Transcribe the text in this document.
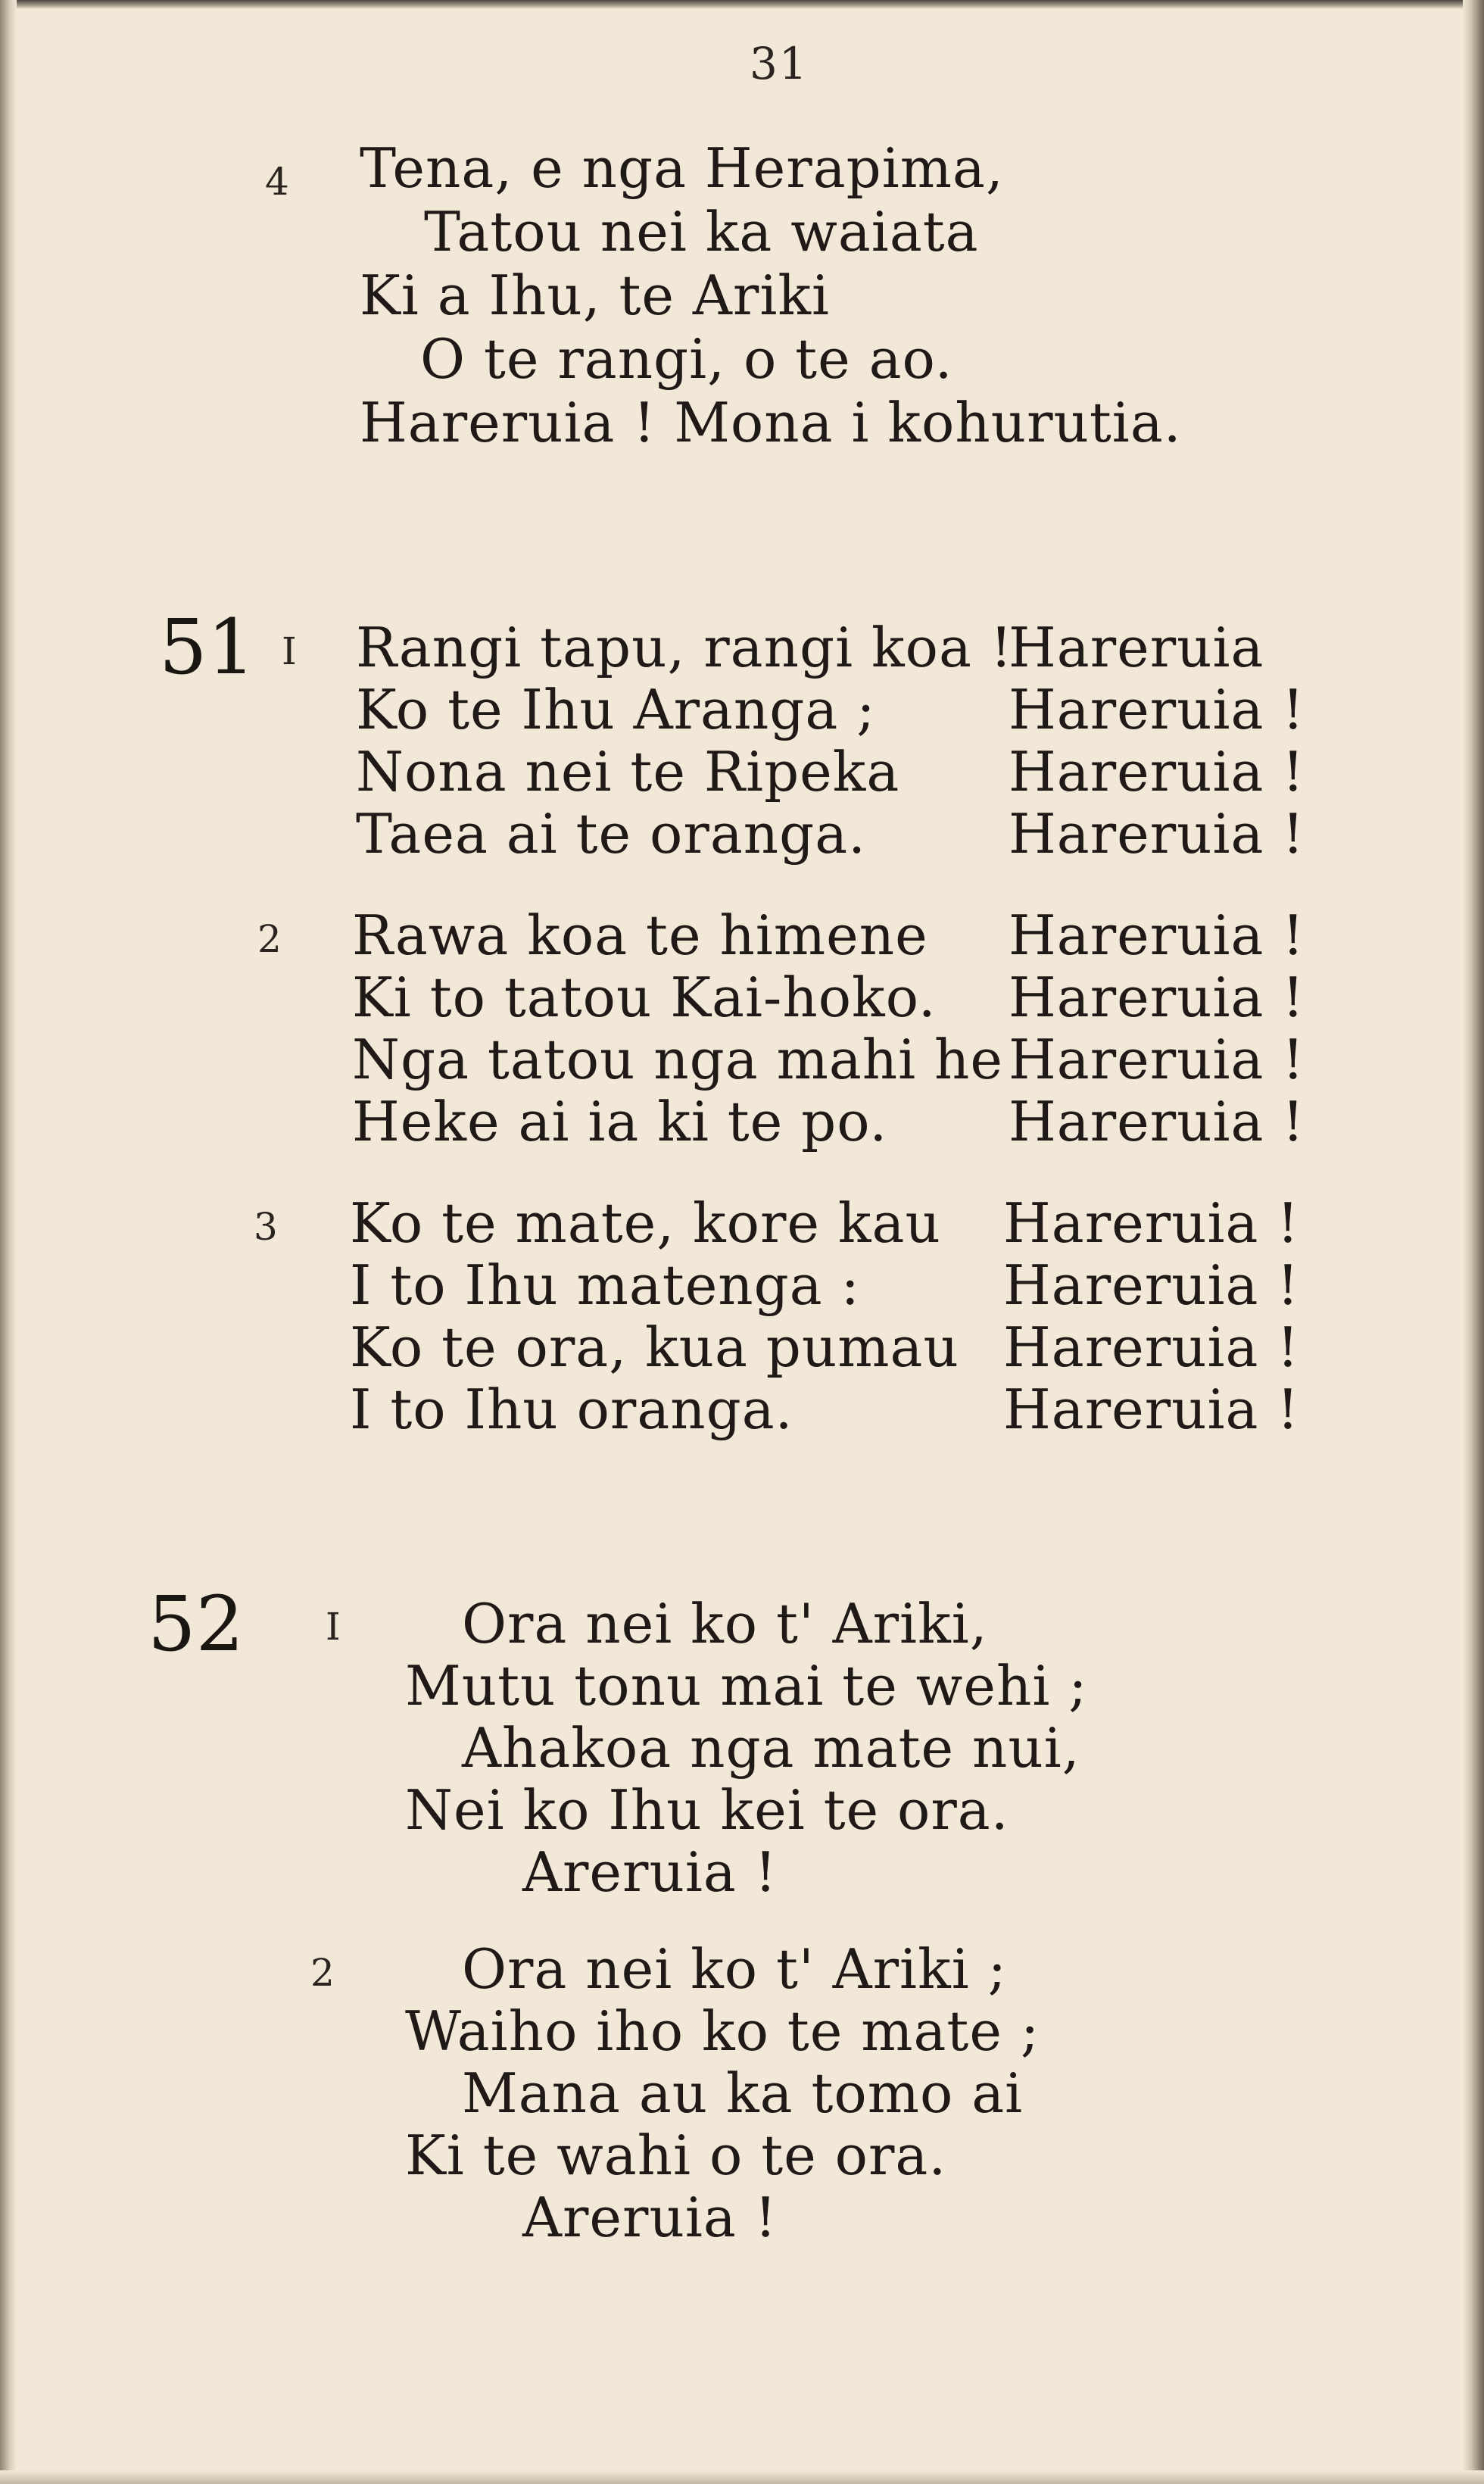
31
4 Tena, e nga Herapima,
Tatou nei ka waiata
Ki a Ihu, te Ariki
O te rangi, o te ao.
Hareruia ! Mona i kohurutia.
51 I Rangi tapu, rangi koa !
Ko te Ihu Aranga ;
Nona nei te Ripeka
Taea ai te oranga.
Hareruia
Hareruia !
Hareruia !
Hareruia !
2 Rawa koa te himene
Ki to tatou Kai-hoko.
Nga tatou nga mahi he
Heke ai ia ki te po.
Hareruia !
Hareruia !
Hareruia !
Hareruia !
3 Ko te mate, kore kau
I to Ihu matenga :
Ko te ora, kua pumau
I to Ihu oranga.
Hareruia !
Hareruia !
Hareruia !
Hareruia !
52 I Ora nei ko t' Ariki,
Mutu tonu mai te wehi ;
Ahakoa nga mate nui,
Nei ko Ihu kei te ora.
Areruia !
2 Ora nei ko t' Ariki ;
Waiho iho ko te mate ;
Mana au ka tomo ai
Ki te wahi o te ora.
Areruia !
